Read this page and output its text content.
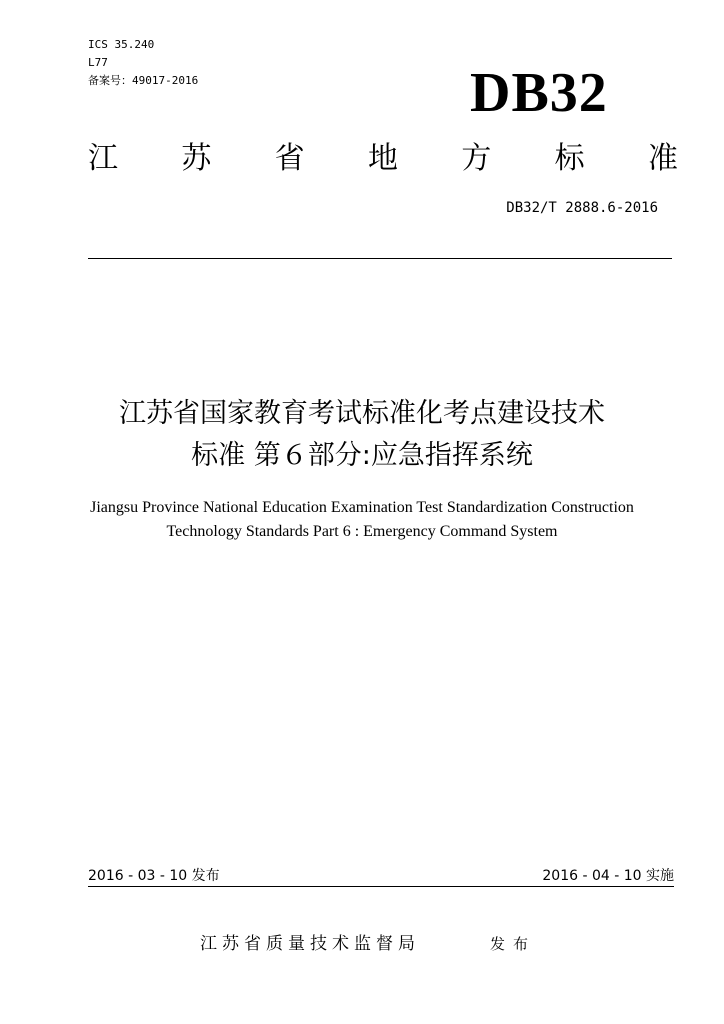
ICS 35.240
L77
备案号：49017-2016	DB32
江 苏 省 地 方 标 准
DB32/T 2888.6-2016
江苏省国家教育考试标准化考点建设技术
标准 第６部分:应急指挥系统
Jiangsu Province National Education Examination Test Standardization Construction
Technology Standards Part 6 : Emergency Command System
2016 - 03 - 10 发布	2016 - 04 - 10 实施
江苏省质量技术监督局	发布
